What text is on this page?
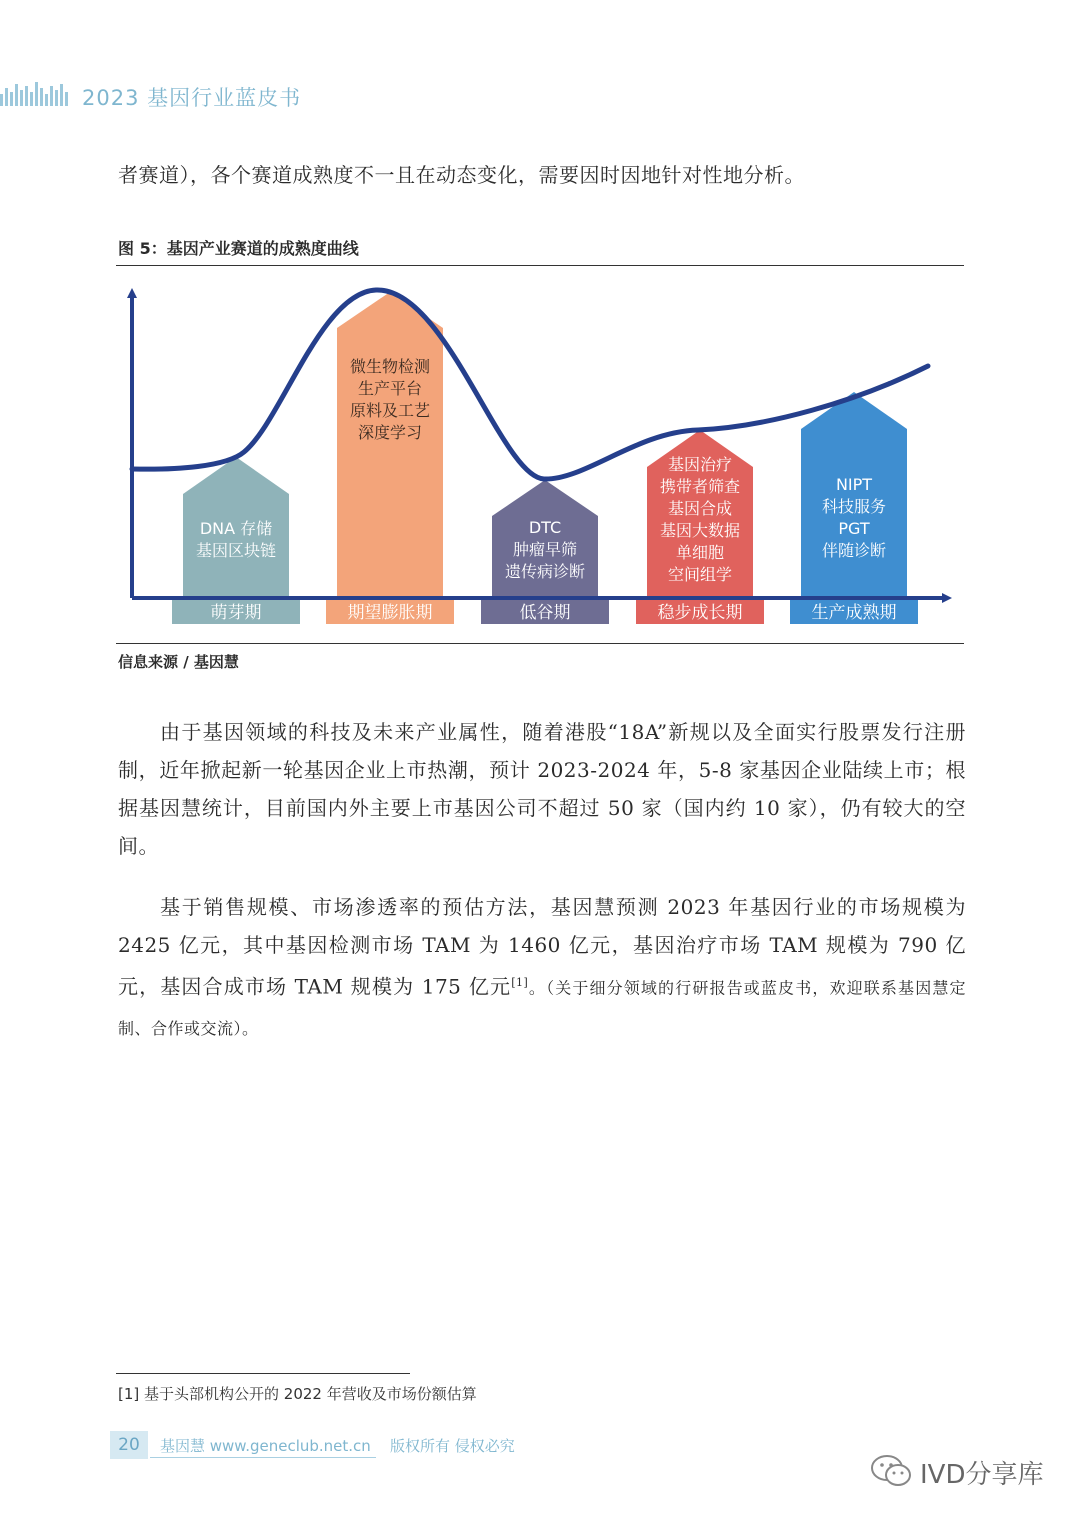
2023 基因行业蓝皮书
者赛道），各个赛道成熟度不一且在动态变化，需要因时因地针对性地分析。
图 5：基因产业赛道的成熟度曲线
萌芽期
DNA 存储
基因区块链
期望膨胀期
微生物检测
生产平台
原料及工艺
深度学习
低谷期
DTC
肿瘤早筛
遗传病诊断
稳步成长期
基因治疗
携带者筛查
基因合成
基因大数据
单细胞
空间组学
生产成熟期
NIPT
科技服务
PGT
伴随诊断
信息来源 / 基因慧
由于基因领域的科技及未来产业属性，随着港股“18A”新规以及全面实行股票发行注册制，近年掀起新一轮基因企业上市热潮，预计 2023-2024 年，5-8 家基因企业陆续上市；根据基因慧统计，目前国内外主要上市基因公司不超过 50 家（国内约 10 家），仍有较大的空间。
基于销售规模、市场渗透率的预估方法，基因慧预测 2023 年基因行业的市场规模为 2425 亿元，其中基因检测市场 TAM 为 1460 亿元，基因治疗市场 TAM 规模为 790 亿元，基因合成市场 TAM 规模为 175 亿元[1]。（关于细分领域的行研报告或蓝皮书，欢迎联系基因慧定制、合作或交流）。
[1] 基于头部机构公开的 2022 年营收及市场份额估算
20	基因慧 www.geneclub.net.cn 版权所有 侵权必究
IVD分享库
